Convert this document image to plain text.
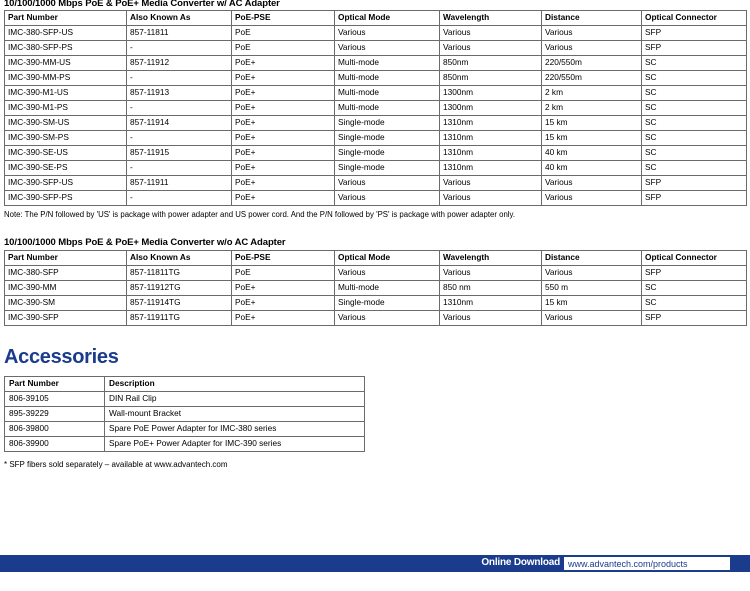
10/100/1000 Mbps PoE & PoE+ Media Converter w/ AC Adapter
Part Number	Also Known As	PoE-PSE	Optical Mode	Wavelength	Distance	Optical Connector
IMC-380-SFP-US	857-11811	PoE	Various	Various	Various	SFP
IMC-380-SFP-PS	-	PoE	Various	Various	Various	SFP
IMC-390-MM-US	857-11912	PoE+	Multi-mode	850nm	220/550m	SC
IMC-390-MM-PS	-	PoE+	Multi-mode	850nm	220/550m	SC
IMC-390-M1-US	857-11913	PoE+	Multi-mode	1300nm	2 km	SC
IMC-390-M1-PS	-	PoE+	Multi-mode	1300nm	2 km	SC
IMC-390-SM-US	857-11914	PoE+	Single-mode	1310nm	15 km	SC
IMC-390-SM-PS	-	PoE+	Single-mode	1310nm	15 km	SC
IMC-390-SE-US	857-11915	PoE+	Single-mode	1310nm	40 km	SC
IMC-390-SE-PS	-	PoE+	Single-mode	1310nm	40 km	SC
IMC-390-SFP-US	857-11911	PoE+	Various	Various	Various	SFP
IMC-390-SFP-PS	-	PoE+	Various	Various	Various	SFP
Note: The P/N followed by 'US' is package with power adapter and US power cord. And the P/N followed by 'PS' is package with power adapter only.
10/100/1000 Mbps PoE & PoE+ Media Converter w/o AC Adapter
Part Number	Also Known As	PoE-PSE	Optical Mode	Wavelength	Distance	Optical Connector
IMC-380-SFP	857-11811TG	PoE	Various	Various	Various	SFP
IMC-390-MM	857-11912TG	PoE+	Multi-mode	850 nm	550 m	SC
IMC-390-SM	857-11914TG	PoE+	Single-mode	1310nm	15 km	SC
IMC-390-SFP	857-11911TG	PoE+	Various	Various	Various	SFP
Accessories
Part Number	Description
806-39105	DIN Rail Clip
895-39229	Wall-mount Bracket
806-39800	Spare PoE Power Adapter for IMC-380 series
806-39900	Spare PoE+ Power Adapter for IMC-390 series
* SFP fibers sold separately – available at www.advantech.com
Online Download www.advantech.com/products
